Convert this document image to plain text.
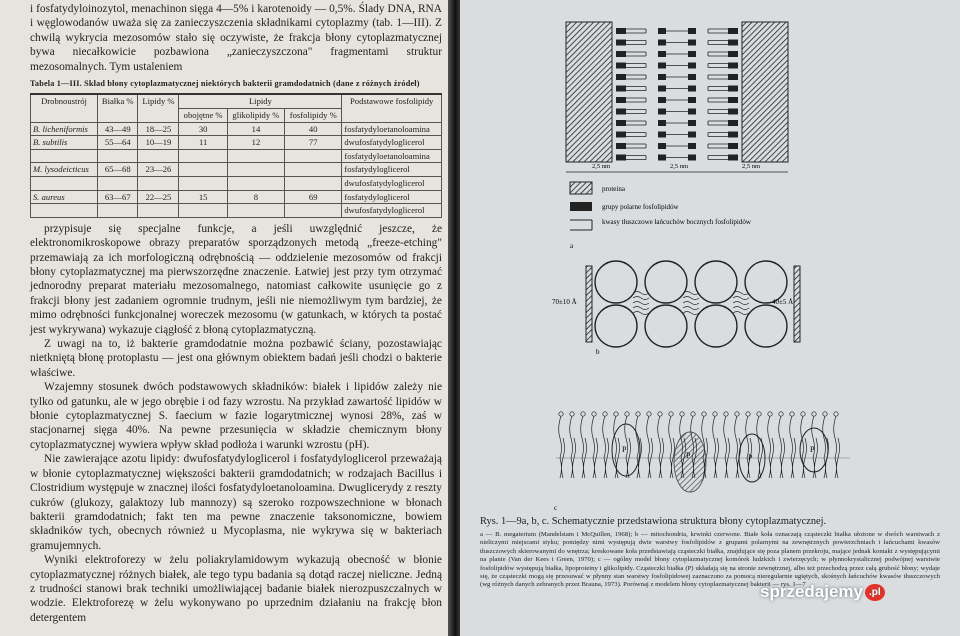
i fosfatydyloinozytol, menachinon sięga 4—5% i karotenoidy — 0,5%. Ślady DNA, RNA i węglowodanów uważa się za zanieczyszczenia składnikami cytoplazmy (tab. 1—III). Z chwilą wykrycia mezosomów stało się oczywiste, że frakcja błony cytoplazmatycznej bywa niecałkowicie pozbawiona „zanieczyszczona" fragmentami struktur mezosomalnych. Tym ustaleniem

Tabela 1—III. Skład błony cytoplazmatycznej niektórych bakterii gramdodatnich (dane z różnych źródeł)
Drobnoustrój	Białka %	Lipidy %	Lipidy			Podstawowe fosfolipidy
			obojętne %	glikolipidy %	fosfolipidy %	
B. licheniformis	43—49	18—25	30	14	40	fosfatydyloetanoloamina
B. subtilis	55—64	10—19	11	12	77	dwufosfatydyloglicerol
						fosfatydyloetanoloamina
M. lysodeicticus	65—68	23—26				fosfatydyloglicerol
						dwufosfatydyloglicerol
S. aureus	63—67	22—25	15	8	69	fosfatydyloglicerol
						dwufosfatydyloglicerol

przypisuje się specjalne funkcje, a jeśli uwzględnić jeszcze, że elektronomikroskopowe obrazy preparatów sporządzonych metodą „freeze-etching" przemawiają za ich morfologiczną odrębnością — oddzielenie mezosomów od frakcji błony cytoplazmatycznej ma pierwszorzędne znaczenie. Łatwiej jest przy tym otrzymać jednorodny preparat materiału mezosomalnego, natomiast całkowite usunięcie go z frakcji błony jest zadaniem ogromnie trudnym, jeśli nie niemożliwym tym bardziej, że mimo odrębności funkcjonalnej woreczek mezosomu (w gatunkach, w których ta postać jest wykrywana) wykazuje ciągłość z błoną cytoplazmatyczną.

Z uwagi na to, iż bakterie gramdodatnie można pozbawić ściany, pozostawiając nietkniętą błonę protoplastu — jest ona głównym obiektem badań jeśli chodzi o bakterie właściwe.

Wzajemny stosunek dwóch podstawowych składników: białek i lipidów zależy nie tylko od gatunku, ale w jego obrębie i od fazy wzrostu. Na przykład zawartość lipidów w błonie cytoplazmatycznej S. faecium w fazie logarytmicznej wynosi 28%, zaś w stacjonarnej sięga 40%. Na pewne przesunięcia w składzie chemicznym błony cytoplazmatycznej wywiera wpływ skład podłoża i warunki wzrostu (pH).

Nie zawierające azotu lipidy: dwufosfatydyloglicerol i fosfatydyloglicerol przeważają w błonie cytoplazmatycznej większości bakterii gramdodatnich; w rodzajach Bacillus i Clostridium występuje w znacznej ilości fosfatydyloetanoloamina. Dwuglicerydy z reszty cukrów (glukozy, galaktozy lub mannozy) są szeroko rozpowszechnione w błonach bakterii gramdodatnich; fakt ten ma pewne znaczenie taksonomiczne, bowiem składników tych, obecnych również u Mycoplasma, nie wykrywa się w bakteriach gramujemnych.

Wyniki elektroforezy w żelu poliakrylamidowym wykazują obecność w błonie cytoplazmatycznej różnych białek, ale tego typu badania są dotąd raczej nieliczne. Jedną z trudności stanowi brak techniki umożliwiającej badanie białek nierozpuszczalnych w wodzie. Elektroforezę w żelu wykonywano po uprzednim działaniu na frakcję błon detergentem

2,5 nm	2,5 nm	2,5 nm
proteina
grupy polarne fosfolipidów
kwasy tłuszczowe łańcuchów bocznych fosfolipidów
a
70±10 Å	40±5 Å
b
P
P	P
P
c
Rys. 1—9a, b, c. Schematycznie przedstawiona struktura błony cytoplazmatycznej.
a — B. megaterium (Mandelstam i McQuillen, 1968); b — mitochondria, krwinki czerwone. Białe koła oznaczają cząsteczki białka ułożone w dwóch warstwach z nieliczymi miejscami styku; pomiędzy nimi występują dwie warstwy fosfolipidów z grupami polarnymi na zewnętrznych powierzchniach i łańcuchami kwasów tłuszczowych skierowanymi do wnętrza; kreskowane koła przedstawiają cząsteczki białka, znajdujące się poza planem przekroju, mające jednak kontakt z występującymi na planie (Van der Kees i Green, 1970); c — ogólny model błony cytoplazmatycznej komórek ludzkich i zwierzęcych; w płynnokrystalicznej podwójnej warstwie fosfolipidów występują białka, lipoproteiny i glikolipidy. Cząsteczki białka (P) układają się na stronie zewnętrznej, albo też przechodzą przez całą grubość błony; wydaje się, że cząsteczki mogą się przesuwać w płynny stan warstwy fosfolipidowej zaznaczono za pomocą nieregularnie ugiętych, skośnych łańcuchów kwasów tłuszczowych (wg różnych danych zebranych przez Brauna, 1973). Porównaj z modelem błony cytoplazmatycznej bakterii — rys. 1—7
sprzedajemy .pl
